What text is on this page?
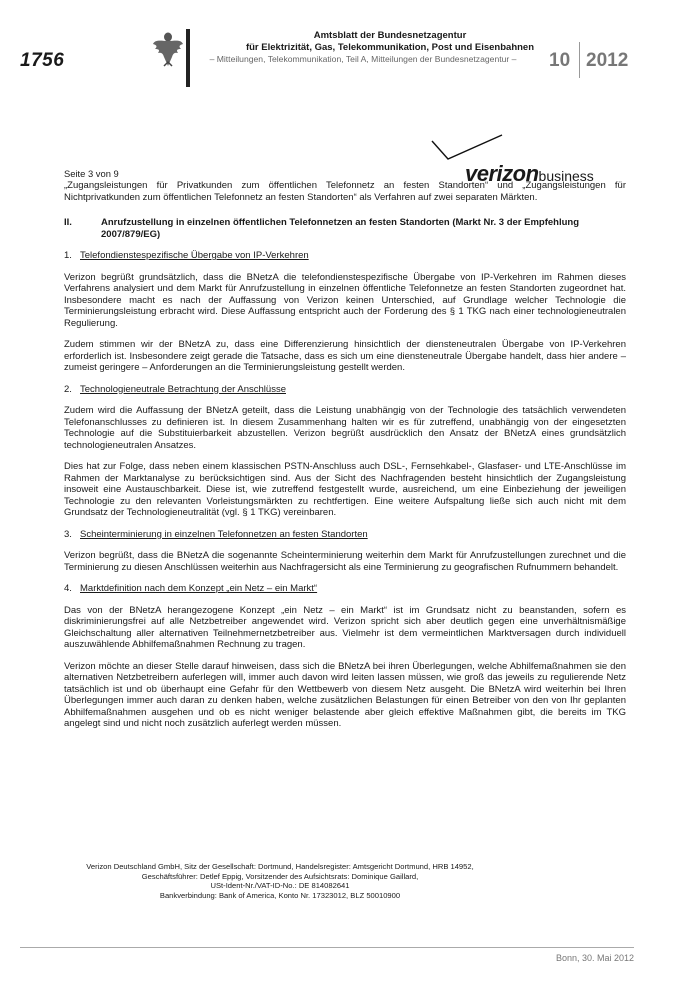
1756
Amtsblatt der Bundesnetzagentur
für Elektrizität, Gas, Telekommunikation, Post und Eisenbahnen
– Mitteilungen, Telekommunikation, Teil A, Mitteilungen der Bundesnetzagentur –	10 2012
verizonbusiness
Seite 3 von 9

„Zugangsleistungen für Privatkunden zum öffentlichen Telefonnetz an festen Standorten“ und „Zugangsleistungen für Nichtprivatkunden zum öffentlichen Telefonnetz an festen Standorten“ als Verfahren auf zwei separaten Märkten.

II.	Anrufzustellung in einzelnen öffentlichen Telefonnetzen an festen Standorten (Markt Nr. 3 der Empfehlung 2007/879/EG)
1. Telefondienstespezifische Übergabe von IP-Verkehren

Verizon begrüßt grundsätzlich, dass die BNetzA die telefondienstespezifische Übergabe von IP-Verkehren im Rahmen dieses Verfahrens analysiert und dem Markt für Anrufzustellung in einzelnen öffentliche Telefonnetze an festen Standorten zugeordnet hat. Insbesondere macht es nach der Auffassung von Verizon keinen Unterschied, auf Grundlage welcher Technologie die Terminierungsleistung erbracht wird. Diese Auffassung entspricht auch der Forderung des § 1 TKG nach einer technologieneutralen Regulierung.

Zudem stimmen wir der BNetzA zu, dass eine Differenzierung hinsichtlich der diensteneutralen Übergabe von IP-Verkehren erforderlich ist. Insbesondere zeigt gerade die Tatsache, dass es sich um eine diensteneutrale Übergabe handelt, dass hier andere – zumeist geringere – Anforderungen an die Terminierungsleistung gestellt werden.

2. Technologieneutrale Betrachtung der Anschlüsse

Zudem wird die Auffassung der BNetzA geteilt, dass die Leistung unabhängig von der Technologie des tatsächlich verwendeten Telefonanschlusses zu definieren ist. In diesem Zusammenhang halten wir es für zutreffend, unabhängig von der eingesetzten Technologie auf die Substituierbarkeit abzustellen. Verizon begrüßt ausdrücklich den Ansatz der BNetzA eines grundsätzlich technologieneutralen Ansatzes.

Dies hat zur Folge, dass neben einem klassischen PSTN-Anschluss auch DSL-, Fernsehkabel-, Glasfaser- und LTE-Anschlüsse im Rahmen der Marktanalyse zu berücksichtigen sind. Aus der Sicht des Nachfragenden besteht hinsichtlich der Zugangsleistung insoweit eine Austauschbarkeit. Diese ist, wie zutreffend festgestellt wurde, ausreichend, um eine Einbeziehung der jeweiligen Technologie zu den relevanten Vorleistungsmärkten zu rechtfertigen. Eine weitere Aufspaltung ließe sich auch nicht mit dem Grundsatz der Technologieneutralität (vgl. § 1 TKG) vereinbaren.

3. Scheinterminierung in einzelnen Telefonnetzen an festen Standorten

Verizon begrüßt, dass die BNetzA die sogenannte Scheinterminierung weiterhin dem Markt für Anrufzustellungen zurechnet und die Terminierung zu diesen Anschlüssen weiterhin aus Nachfragersicht als eine Terminierung zu geografischen Rufnummern behandelt.

4. Marktdefinition nach dem Konzept „ein Netz – ein Markt“

Das von der BNetzA herangezogene Konzept „ein Netz – ein Markt“ ist im Grundsatz nicht zu beanstanden, sofern es diskriminierungsfrei auf alle Netzbetreiber angewendet wird. Verizon spricht sich aber deutlich gegen eine unverhältnismäßige Gleichschaltung aller alternativen Teilnehmernetzbetreiber aus. Vielmehr ist dem vermeintlichen Marktversagen durch individuell auszuwählende Abhilfemaßnahmen Rechnung zu tragen.

Verizon möchte an dieser Stelle darauf hinweisen, dass sich die BNetzA bei ihren Überlegungen, welche Abhilfemaßnahmen sie den alternativen Netzbetreibern auferlegen will, immer auch davon wird leiten lassen müssen, wie groß das jeweils zu regulierende Netz tatsächlich ist und ob überhaupt eine Gefahr für den Wettbewerb von diesem Netz ausgeht. Die BNetzA wird weiterhin bei Ihren Überlegungen immer auch daran zu denken haben, welche zusätzlichen Belastungen für einen Betreiber von den von Ihr geplanten Abhilfemaßnahmen ausgehen und ob es nicht weniger belastende aber gleich effektive Maßnahmen gibt, die bereits im TKG angelegt sind und nicht noch zusätzlich auferlegt werden müssen.

Verizon Deutschland GmbH, Sitz der Gesellschaft: Dortmund, Handelsregister: Amtsgericht Dortmund, HRB 14952,
Geschäftsführer: Detlef Eppig, Vorsitzender des Aufsichtsrats: Dominique Gaillard,
USt-Ident-Nr./VAT-ID-No.: DE 814082641
Bankverbindung: Bank of America, Konto Nr. 17323012, BLZ 50010900
Bonn, 30. Mai 2012
